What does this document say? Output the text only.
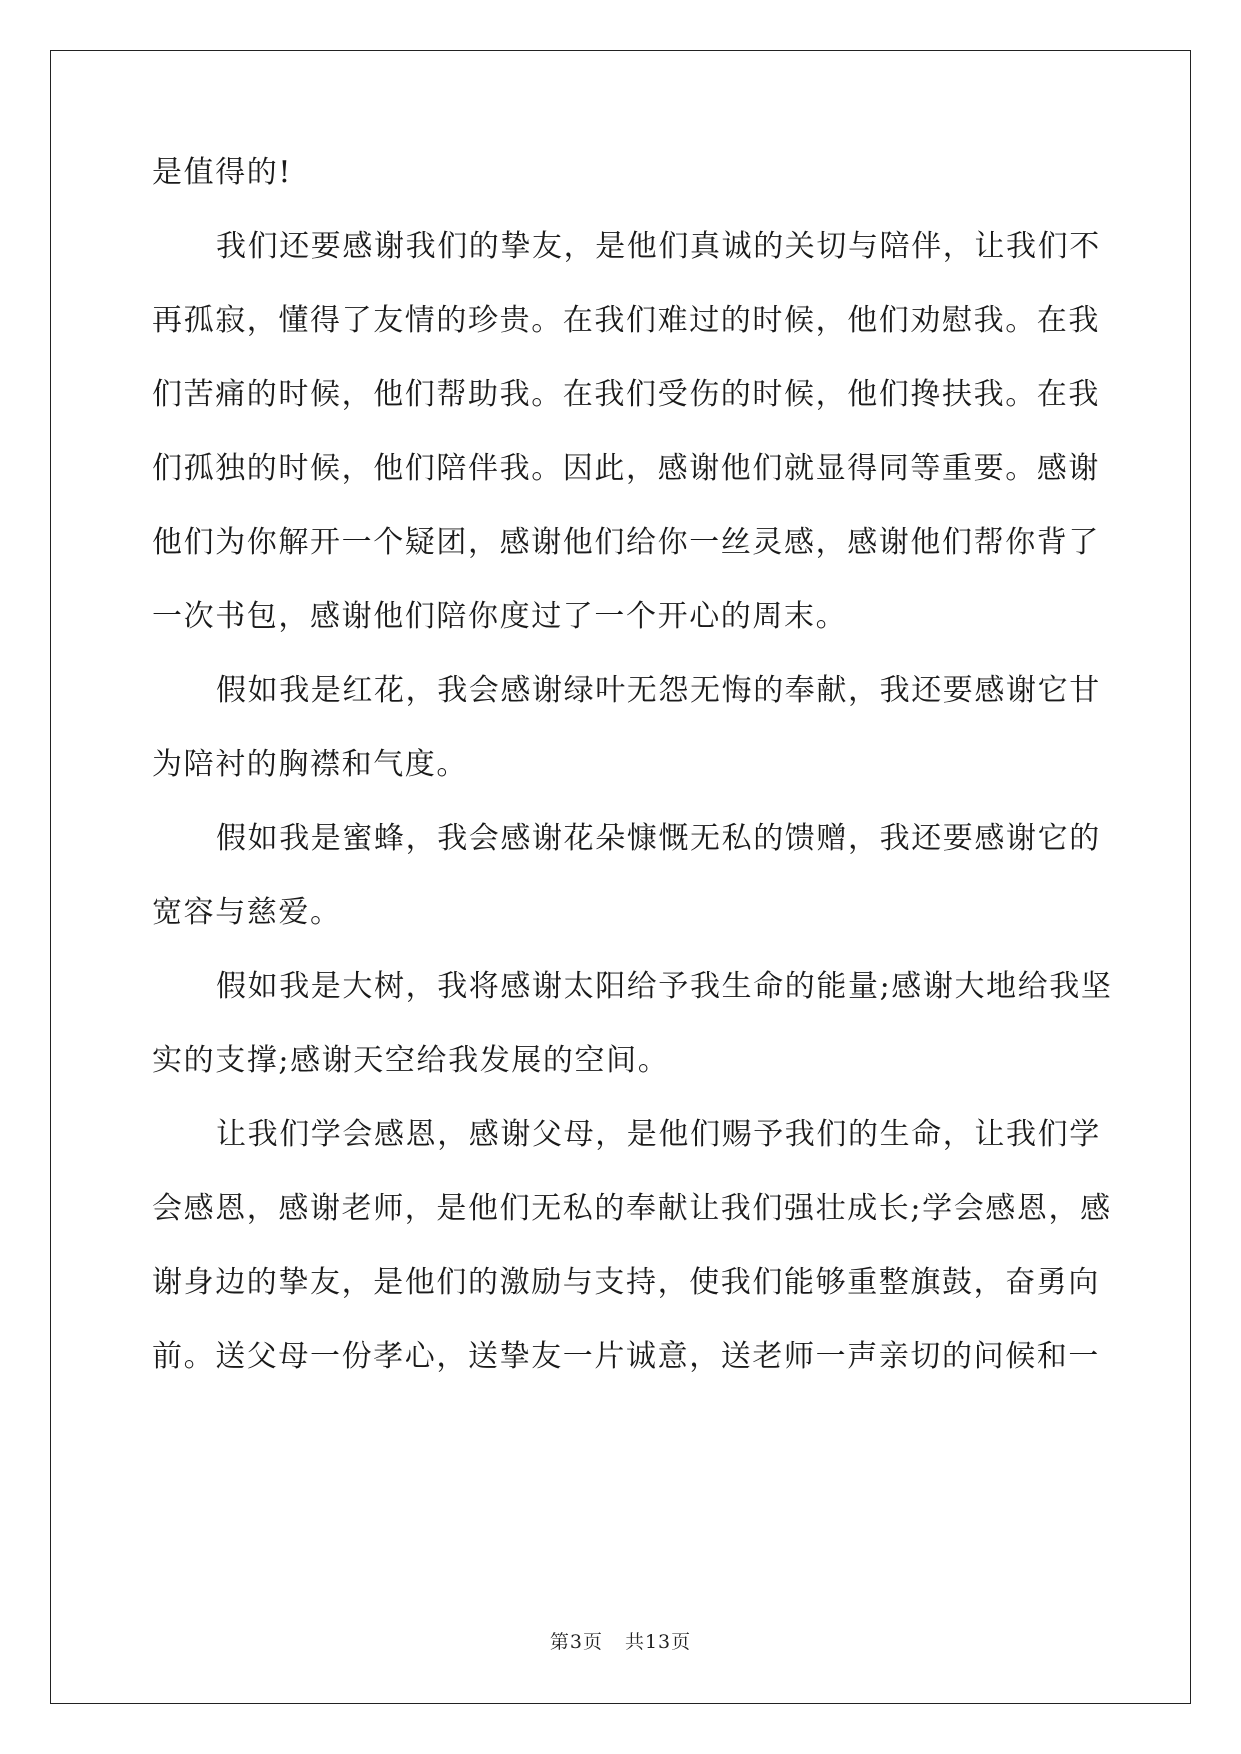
是值得的!
我们还要感谢我们的挚友，是他们真诚的关切与陪伴，让我们不
再孤寂，懂得了友情的珍贵。在我们难过的时候，他们劝慰我。在我
们苦痛的时候，他们帮助我。在我们受伤的时候，他们搀扶我。在我
们孤独的时候，他们陪伴我。因此，感谢他们就显得同等重要。感谢
他们为你解开一个疑团，感谢他们给你一丝灵感，感谢他们帮你背了
一次书包，感谢他们陪你度过了一个开心的周末。
假如我是红花，我会感谢绿叶无怨无悔的奉献，我还要感谢它甘
为陪衬的胸襟和气度。
假如我是蜜蜂，我会感谢花朵慷慨无私的馈赠，我还要感谢它的
宽容与慈爱。
假如我是大树，我将感谢太阳给予我生命的能量;感谢大地给我坚
实的支撑;感谢天空给我发展的空间。
让我们学会感恩，感谢父母，是他们赐予我们的生命，让我们学
会感恩，感谢老师，是他们无私的奉献让我们强壮成长;学会感恩，感
谢身边的挚友，是他们的激励与支持，使我们能够重整旗鼓，奋勇向
前。送父母一份孝心，送挚友一片诚意，送老师一声亲切的问候和一
第3页 共13页
